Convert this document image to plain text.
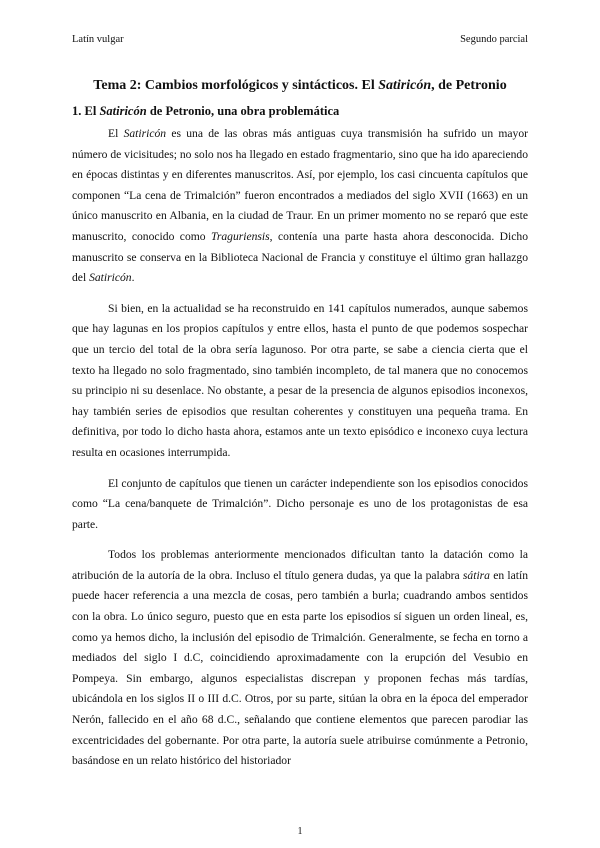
Latín vulgar	Segundo parcial
Tema 2: Cambios morfológicos y sintácticos. El Satiricón, de Petronio
1. El Satiricón de Petronio, una obra problemática

El Satiricón es una de las obras más antiguas cuya transmisión ha sufrido un mayor número de vicisitudes; no solo nos ha llegado en estado fragmentario, sino que ha ido apareciendo en épocas distintas y en diferentes manuscritos. Así, por ejemplo, los casi cincuenta capítulos que componen “La cena de Trimalción” fueron encontrados a mediados del siglo XVII (1663) en un único manuscrito en Albania, en la ciudad de Traur. En un primer momento no se reparó que este manuscrito, conocido como Traguriensis, contenía una parte hasta ahora desconocida. Dicho manuscrito se conserva en la Biblioteca Nacional de Francia y constituye el último gran hallazgo del Satiricón.

Si bien, en la actualidad se ha reconstruido en 141 capítulos numerados, aunque sabemos que hay lagunas en los propios capítulos y entre ellos, hasta el punto de que podemos sospechar que un tercio del total de la obra sería lagunoso. Por otra parte, se sabe a ciencia cierta que el texto ha llegado no solo fragmentado, sino también incompleto, de tal manera que no conocemos su principio ni su desenlace. No obstante, a pesar de la presencia de algunos episodios inconexos, hay también series de episodios que resultan coherentes y constituyen una pequeña trama. En definitiva, por todo lo dicho hasta ahora, estamos ante un texto episódico e inconexo cuya lectura resulta en ocasiones interrumpida.

El conjunto de capítulos que tienen un carácter independiente son los episodios conocidos como “La cena/banquete de Trimalción”. Dicho personaje es uno de los protagonistas de esa parte.

Todos los problemas anteriormente mencionados dificultan tanto la datación como la atribución de la autoría de la obra. Incluso el título genera dudas, ya que la palabra sátira en latín puede hacer referencia a una mezcla de cosas, pero también a burla; cuadrando ambos sentidos con la obra. Lo único seguro, puesto que en esta parte los episodios sí siguen un orden lineal, es, como ya hemos dicho, la inclusión del episodio de Trimalción. Generalmente, se fecha en torno a mediados del siglo I d.C, coincidiendo aproximadamente con la erupción del Vesubio en Pompeya. Sin embargo, algunos especialistas discrepan y proponen fechas más tardías, ubicándola en los siglos II o III d.C. Otros, por su parte, sitúan la obra en la época del emperador Nerón, fallecido en el año 68 d.C., señalando que contiene elementos que parecen parodiar las excentricidades del gobernante. Por otra parte, la autoría suele atribuirse comúnmente a Petronio, basándose en un relato histórico del historiador

1
